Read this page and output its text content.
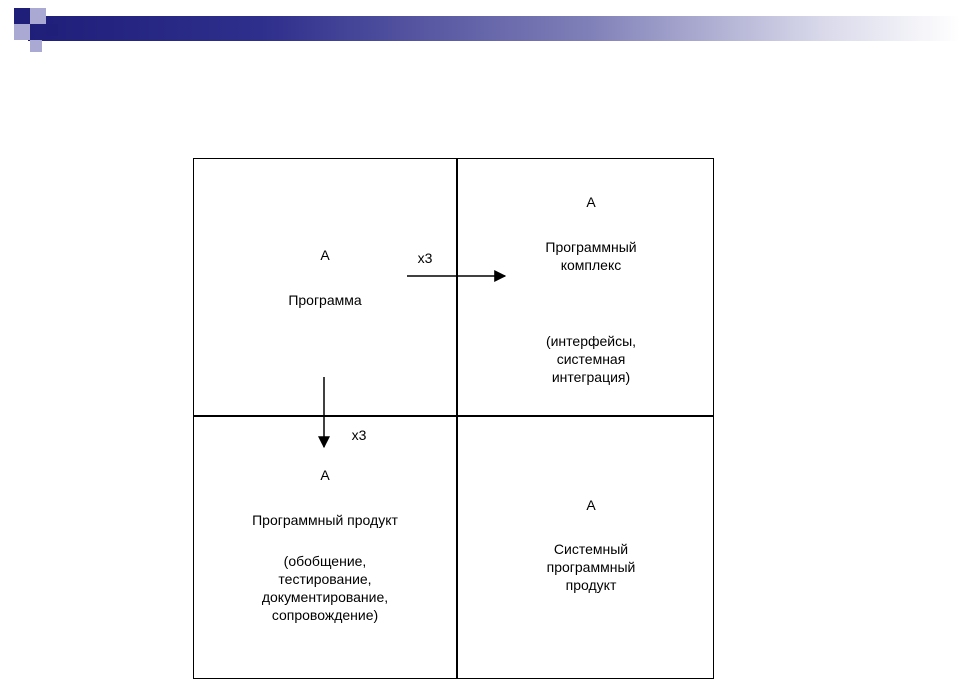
A
Программа
A
Программный
комплекс
(интерфейсы,
системная
интеграция)
A
Программный продукт
(обобщение,
тестирование,
документирование,
сопровождение)
A
Системный
программный
продукт
x3
x3
